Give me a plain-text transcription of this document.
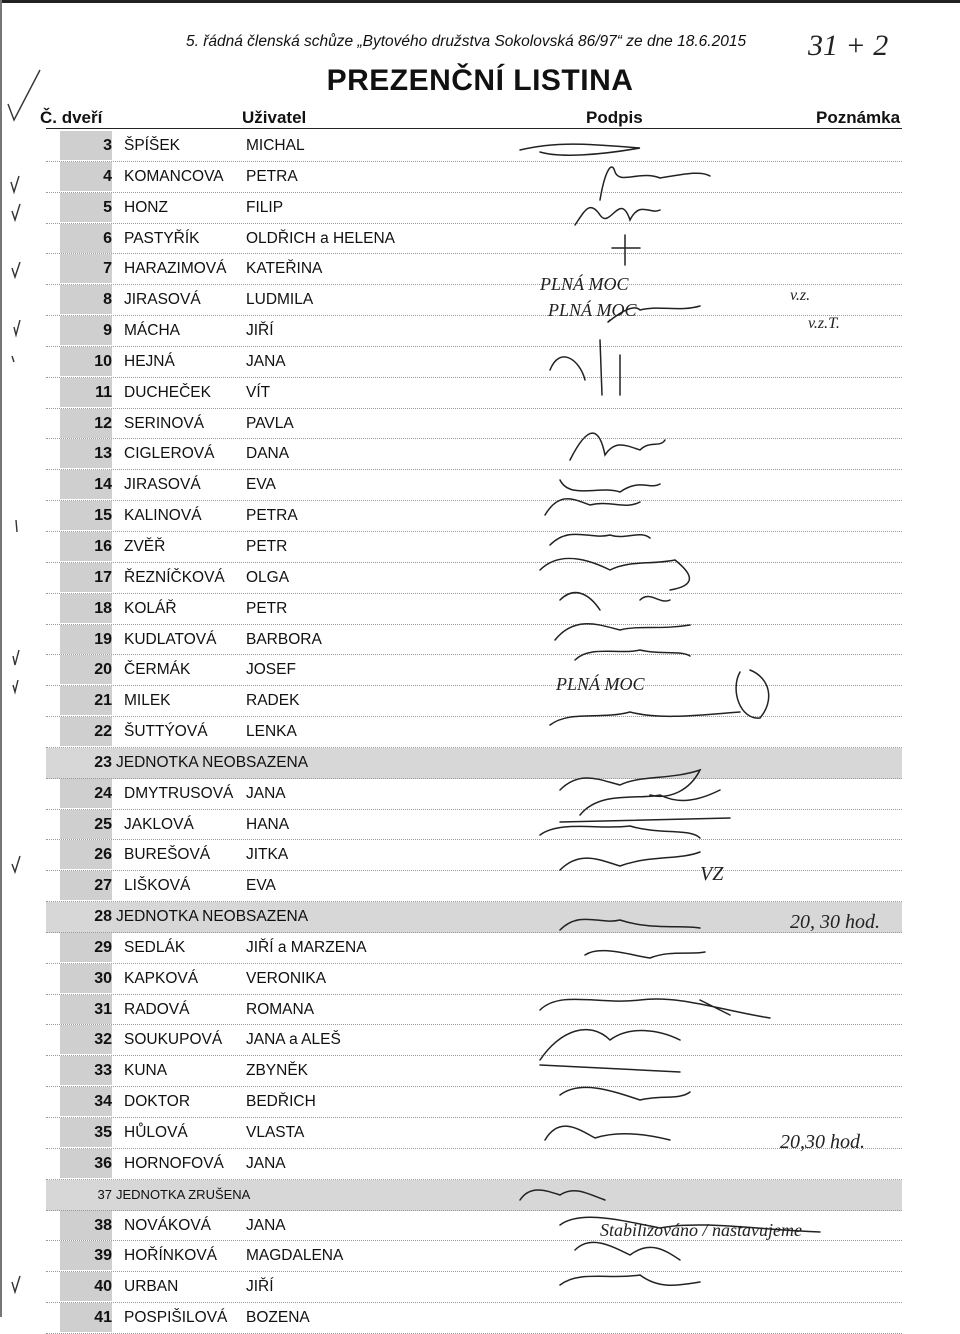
5. řádná členská schůze „Bytového družstva Sokolovská 86/97“ ze dne 18.6.2015
PREZENČNÍ LISTINA
Č. dveří	Uživatel	Podpis	Poznámka
3 ŠPÍŠEK	MICHAL
4 KOMANCOVA PETRA
5 HONZ	FILIP
6 PASTYŘÍK	OLDŘICH a HELENA
7 HARAZIMOVÁ KATEŘINA
8 JIRASOVÁ	LUDMILA
9 MÁCHA	JIŘÍ
10 HEJNÁ	JANA
11 DUCHEČEK VÍT
12 SERINOVÁ	PAVLA
13 CIGLEROVÁ DANA
14 JIRASOVÁ	EVA
15 KALINOVÁ	PETRA
16 ZVĚŘ	PETR
17 ŘEZNÍČKOVÁ OLGA
18 KOLÁŘ	PETR
19 KUDLATOVÁ BARBORA
20 ČERMÁK	JOSEF
21 MILEK	RADEK
22 ŠUTTÝOVÁ LENKA
23 JEDNOTKA NEOBSAZENA
24 DMYTRUSOVÁ JANA
25 JAKLOVÁ	HANA
26 BUREŠOVÁ JITKA
27 LIŠKOVÁ	EVA
28 JEDNOTKA NEOBSAZENA
29 SEDLÁK	JIŘÍ a MARZENA
30 KAPKOVÁ	VERONIKA
31 RADOVÁ	ROMANA
32 SOUKUPOVÁ JANA a ALEŠ
33 KUNA	ZBYNĚK
34 DOKTOR	BEDŘICH
35 HŮLOVÁ	VLASTA
36 HORNOFOVÁ JANA
37 JEDNOTKA ZRUŠENA
38 NOVÁKOVÁ JANA
39 HOŘÍNKOVÁ MAGDALENA
40 URBAN	JIŘÍ
41 POSPIŠILOVÁ BOZENA
31 + 2
PLNÁ MOC
PLNÁ MOC
PLNÁ MOC
v.z.
v.z.T.
VZ
20, 30 hod.
20,30 hod.
Stabilizováno / nastavujeme
